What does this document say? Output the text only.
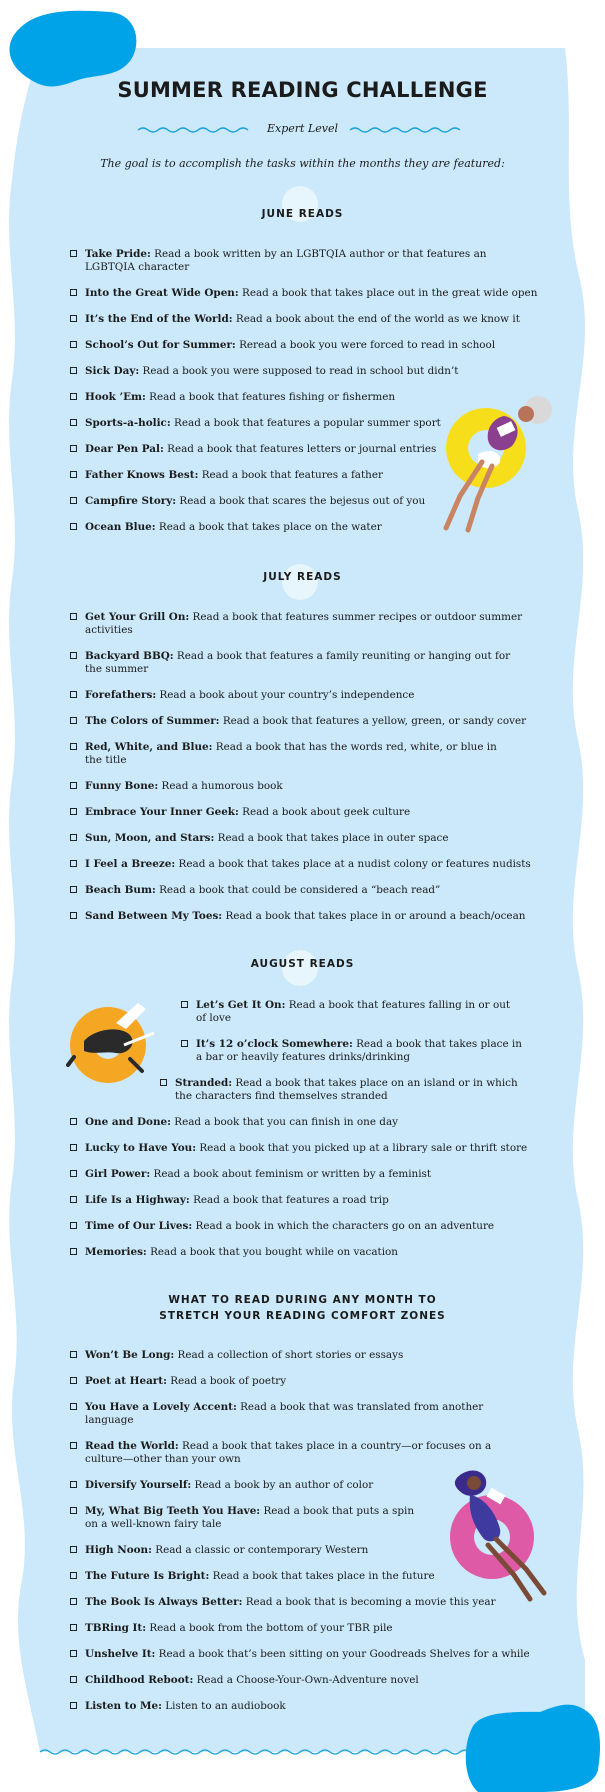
SUMMER READING CHALLENGE
Expert Level
The goal is to accomplish the tasks within the months they are featured:
JUNE READS
JULY READS
AUGUST READS
WHAT TO READ DURING ANY MONTH TO
STRETCH YOUR READING COMFORT ZONES
Take Pride: Read a book written by an LGBTQIA author or that features an LGBTQIA character
Into the Great Wide Open: Read a book that takes place out in the great wide open
It’s the End of the World: Read a book about the end of the world as we know it
School’s Out for Summer: Reread a book you were forced to read in school
Sick Day: Read a book you were supposed to read in school but didn’t
Hook ’Em: Read a book that features fishing or fishermen
Sports-a-holic: Read a book that features a popular summer sport
Dear Pen Pal: Read a book that features letters or journal entries
Father Knows Best: Read a book that features a father
Campfire Story: Read a book that scares the bejesus out of you
Ocean Blue: Read a book that takes place on the water
Get Your Grill On: Read a book that features summer recipes or outdoor summer activities
Backyard BBQ: Read a book that features a family reuniting or hanging out for the summer
Forefathers: Read a book about your country’s independence
The Colors of Summer: Read a book that features a yellow, green, or sandy cover
Red, White, and Blue: Read a book that has the words red, white, or blue in the title
Funny Bone: Read a humorous book
Embrace Your Inner Geek: Read a book about geek culture
Sun, Moon, and Stars: Read a book that takes place in outer space
I Feel a Breeze: Read a book that takes place at a nudist colony or features nudists
Beach Bum: Read a book that could be considered a “beach read”
Sand Between My Toes: Read a book that takes place in or around a beach/ocean
Let’s Get It On: Read a book that features falling in or out of love
It’s 12 o’clock Somewhere: Read a book that takes place in a bar or heavily features drinks/drinking
Stranded: Read a book that takes place on an island or in which the characters find themselves stranded
One and Done: Read a book that you can finish in one day
Lucky to Have You: Read a book that you picked up at a library sale or thrift store
Girl Power: Read a book about feminism or written by a feminist
Life Is a Highway: Read a book that features a road trip
Time of Our Lives: Read a book in which the characters go on an adventure
Memories: Read a book that you bought while on vacation
Won’t Be Long: Read a collection of short stories or essays
Poet at Heart: Read a book of poetry
You Have a Lovely Accent: Read a book that was translated from another language
Read the World: Read a book that takes place in a country—or focuses on a culture—other than your own
Diversify Yourself: Read a book by an author of color
My, What Big Teeth You Have: Read a book that puts a spin on a well-known fairy tale
High Noon: Read a classic or contemporary Western
The Future Is Bright: Read a book that takes place in the future
The Book Is Always Better: Read a book that is becoming a movie this year
TBRing It: Read a book from the bottom of your TBR pile
Unshelve It: Read a book that’s been sitting on your Goodreads Shelves for a while
Childhood Reboot: Read a Choose-Your-Own-Adventure novel
Listen to Me: Listen to an audiobook
